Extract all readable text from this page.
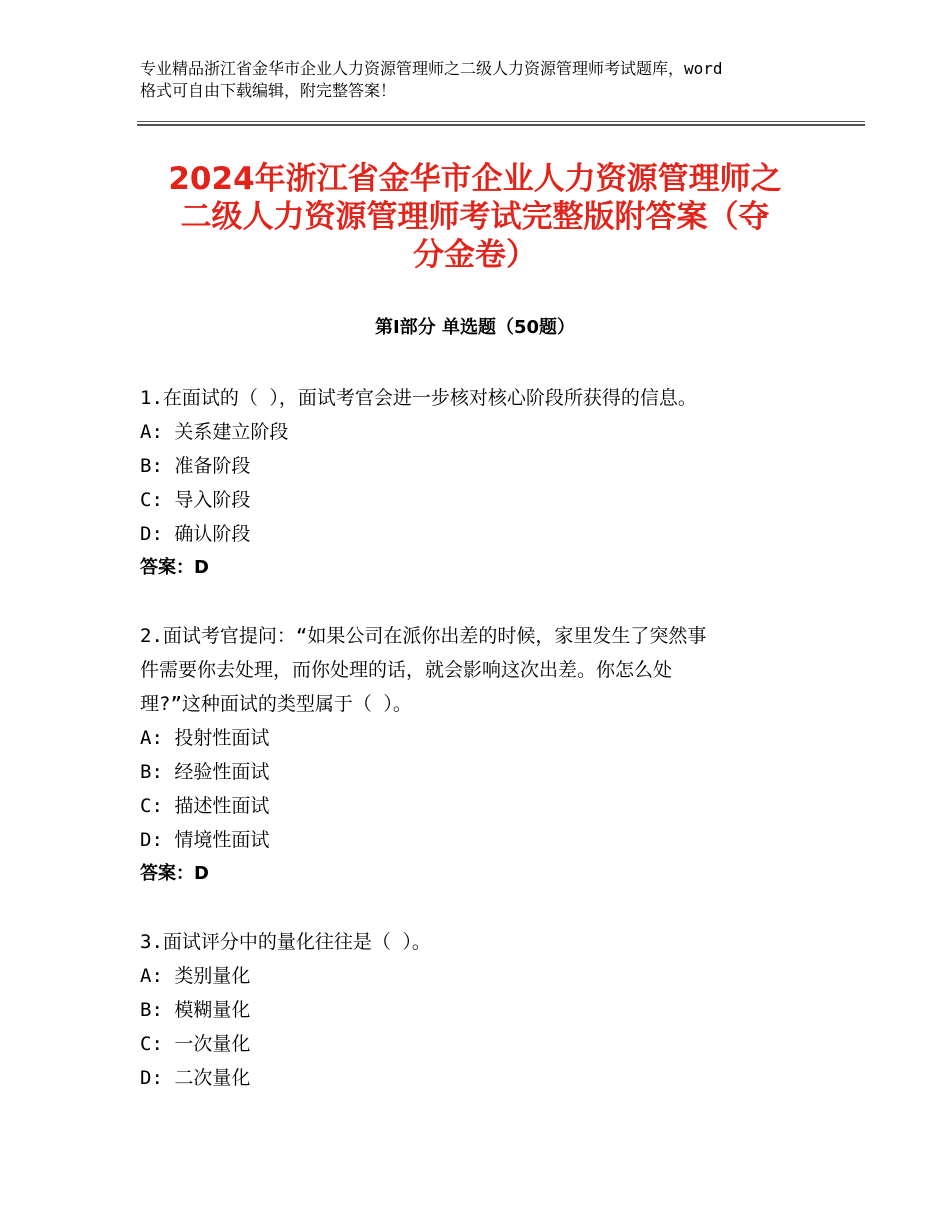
专业精品浙江省金华市企业人力资源管理师之二级人力资源管理师考试题库，word
格式可自由下载编辑，附完整答案！
2024年浙江省金华市企业人力资源管理师之
二级人力资源管理师考试完整版附答案（夺
分金卷）
第I部分 单选题（50题）
1.在面试的（ ），面试考官会进一步核对核心阶段所获得的信息。
A: 关系建立阶段
B: 准备阶段
C: 导入阶段
D: 确认阶段
答案：D
2.面试考官提问：“如果公司在派你出差的时候，家里发生了突然事
件需要你去处理，而你处理的话，就会影响这次出差。你怎么处
理?”这种面试的类型属于（ ）。
A: 投射性面试
B: 经验性面试
C: 描述性面试
D: 情境性面试
答案：D
3.面试评分中的量化往往是（ ）。
A: 类别量化
B: 模糊量化
C: 一次量化
D: 二次量化
